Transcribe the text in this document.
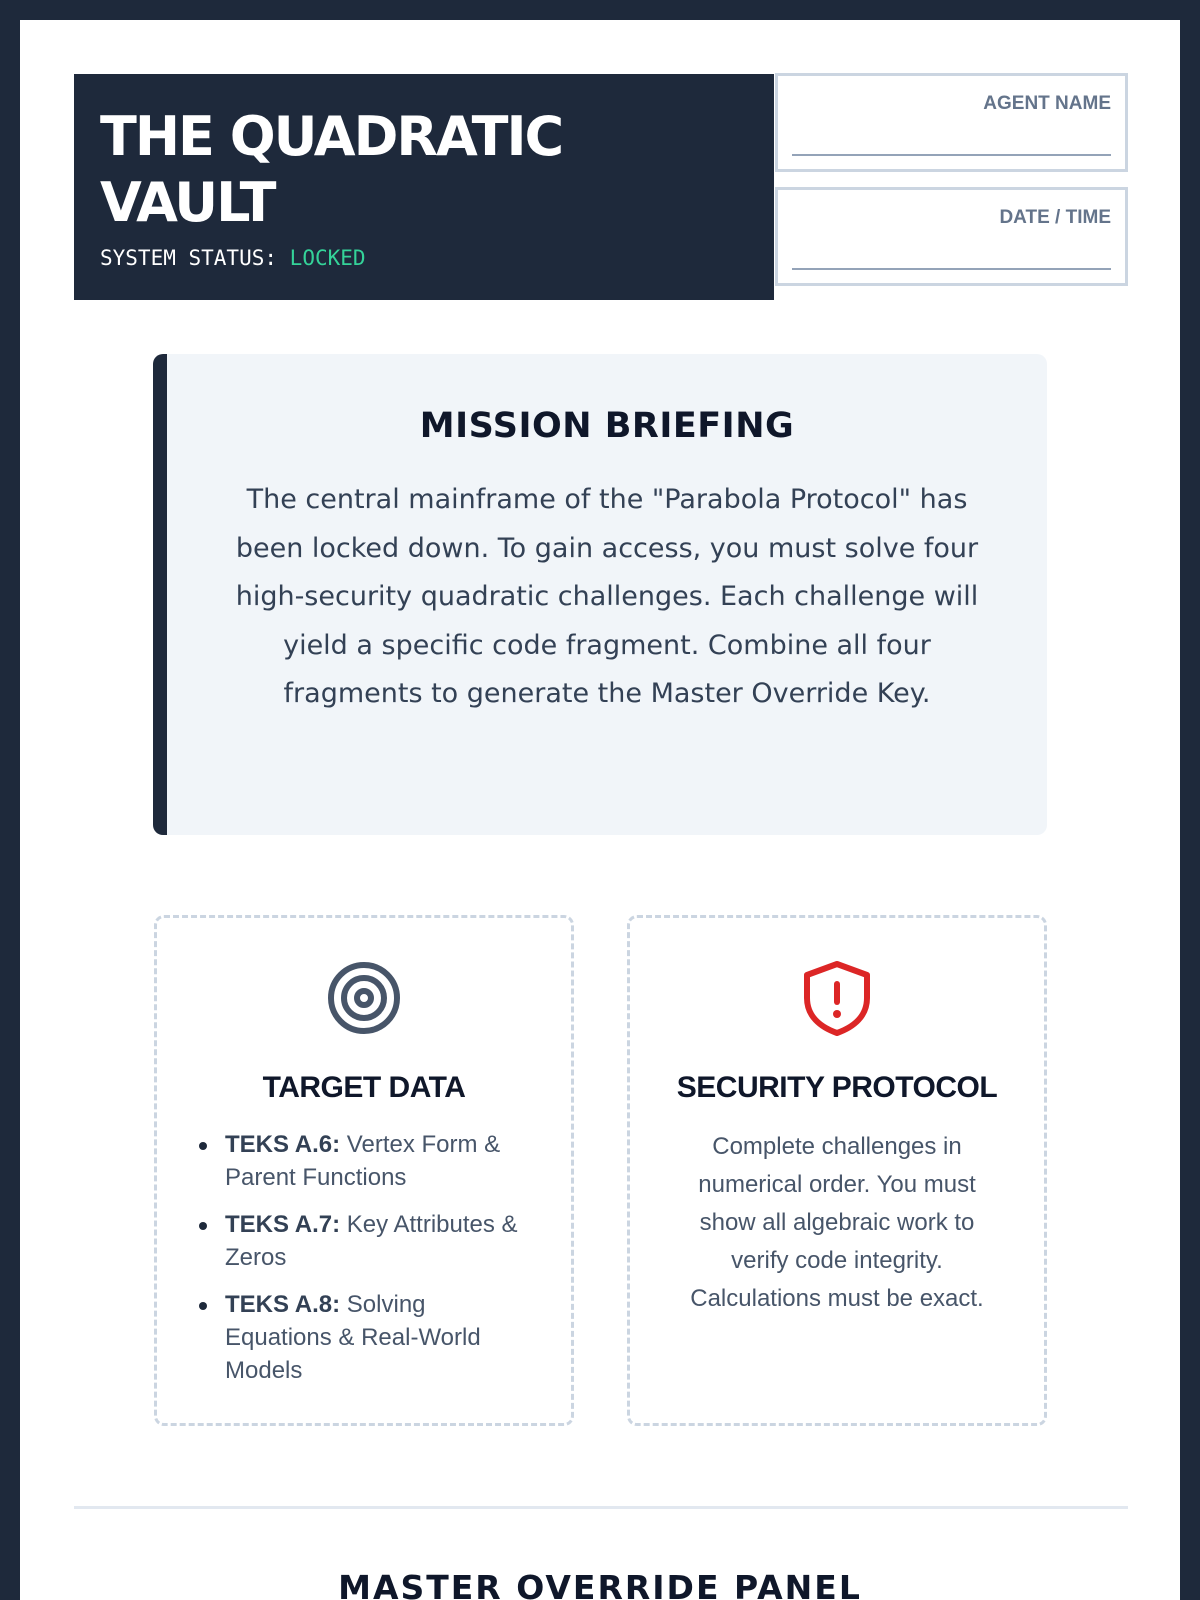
THE QUADRATIC VAULT
SYSTEM STATUS: LOCKED
AGENT NAME
DATE / TIME
MISSION BRIEFING

The central mainframe of the "Parabola Protocol" has been locked down. To gain access, you must solve four high-security quadratic challenges. Each challenge will yield a specific code fragment. Combine all four fragments to generate the Master Override Key.

TARGET DATA
TEKS A.6: Vertex Form & Parent Functions
TEKS A.7: Key Attributes & Zeros
TEKS A.8: Solving Equations & Real-World Models
SECURITY PROTOCOL

Complete challenges in numerical order. You must show all algebraic work to verify code integrity. Calculations must be exact.

MASTER OVERRIDE PANEL
